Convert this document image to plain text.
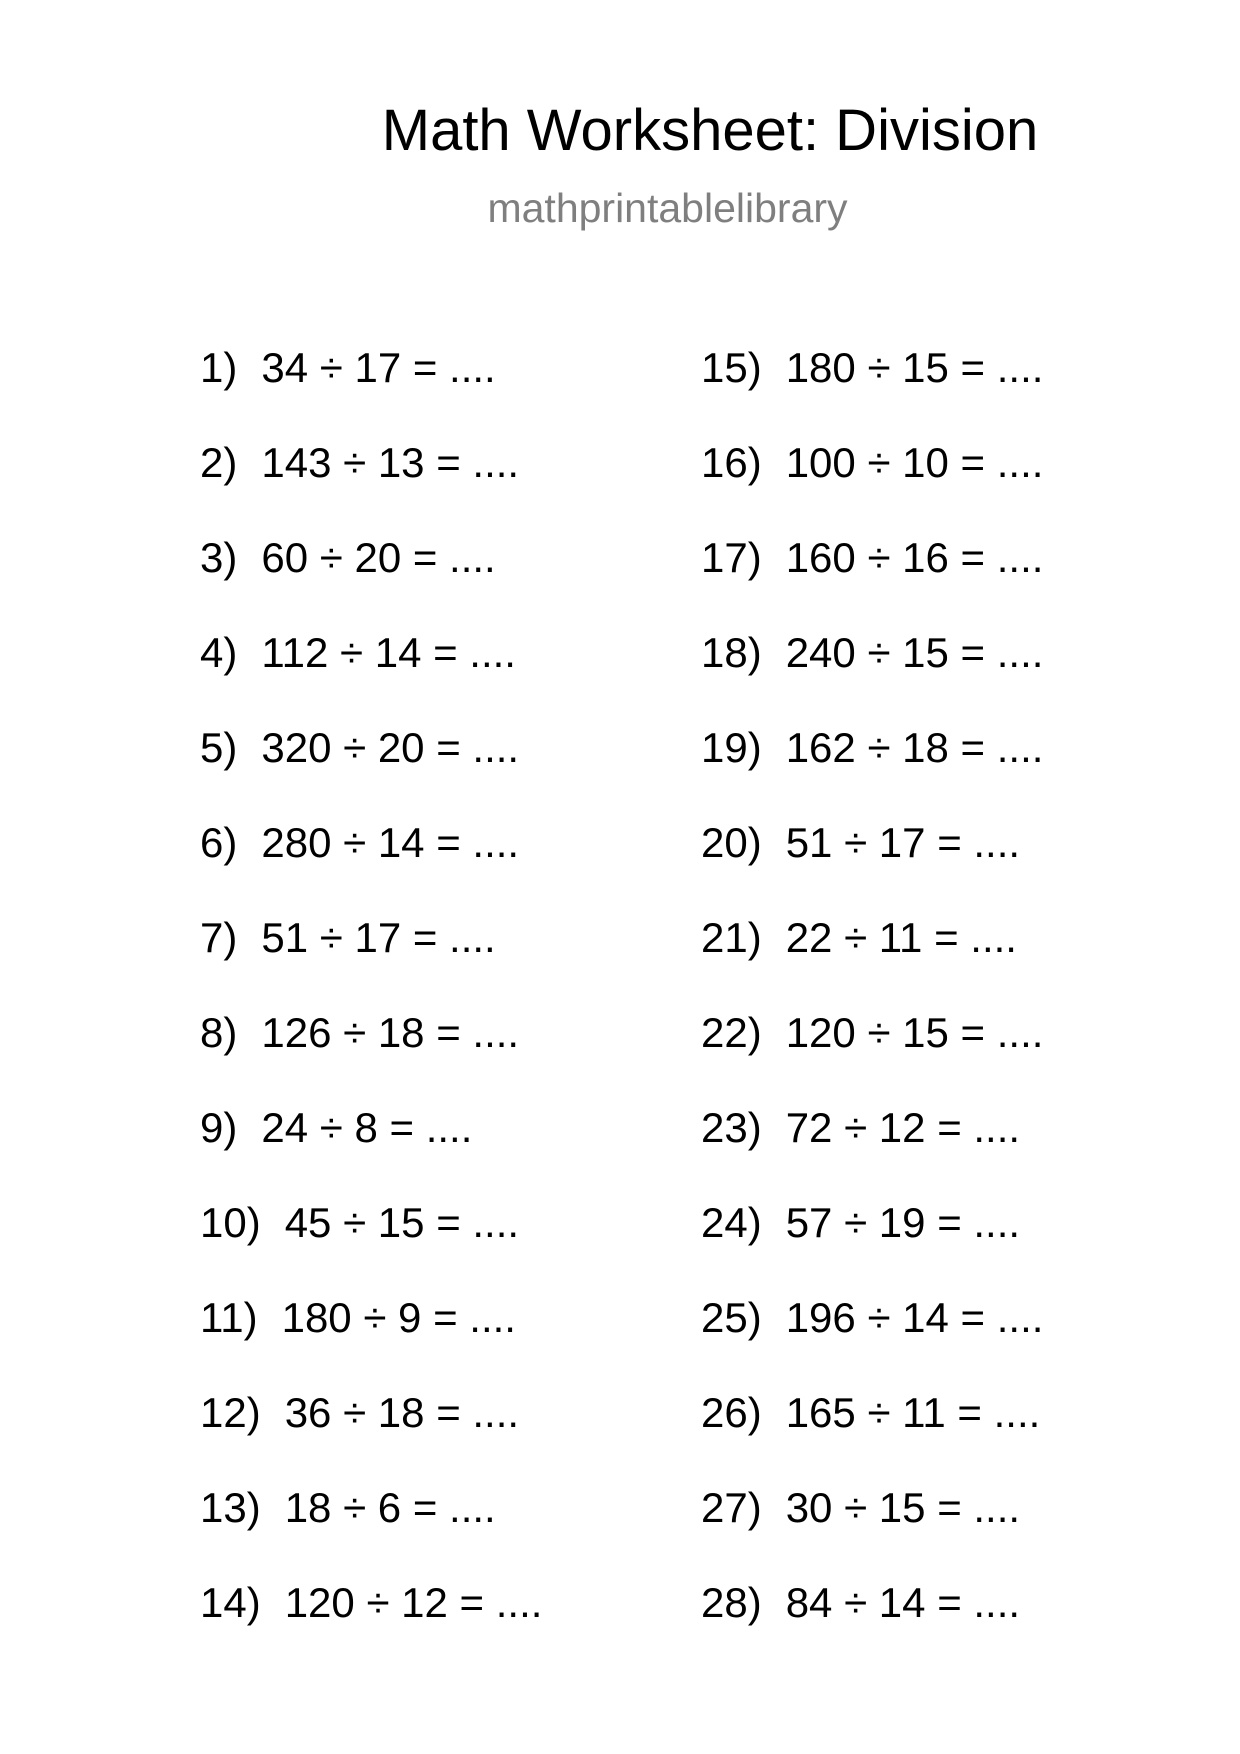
Math Worksheet: Division
mathprintablelibrary
1) 34 ÷ 17 = ....
2) 143 ÷ 13 = ....
3) 60 ÷ 20 = ....
4) 112 ÷ 14 = ....
5) 320 ÷ 20 = ....
6) 280 ÷ 14 = ....
7) 51 ÷ 17 = ....
8) 126 ÷ 18 = ....
9) 24 ÷ 8 = ....
10) 45 ÷ 15 = ....
11) 180 ÷ 9 = ....
12) 36 ÷ 18 = ....
13) 18 ÷ 6 = ....
14) 120 ÷ 12 = ....
15) 180 ÷ 15 = ....
16) 100 ÷ 10 = ....
17) 160 ÷ 16 = ....
18) 240 ÷ 15 = ....
19) 162 ÷ 18 = ....
20) 51 ÷ 17 = ....
21) 22 ÷ 11 = ....
22) 120 ÷ 15 = ....
23) 72 ÷ 12 = ....
24) 57 ÷ 19 = ....
25) 196 ÷ 14 = ....
26) 165 ÷ 11 = ....
27) 30 ÷ 15 = ....
28) 84 ÷ 14 = ....
